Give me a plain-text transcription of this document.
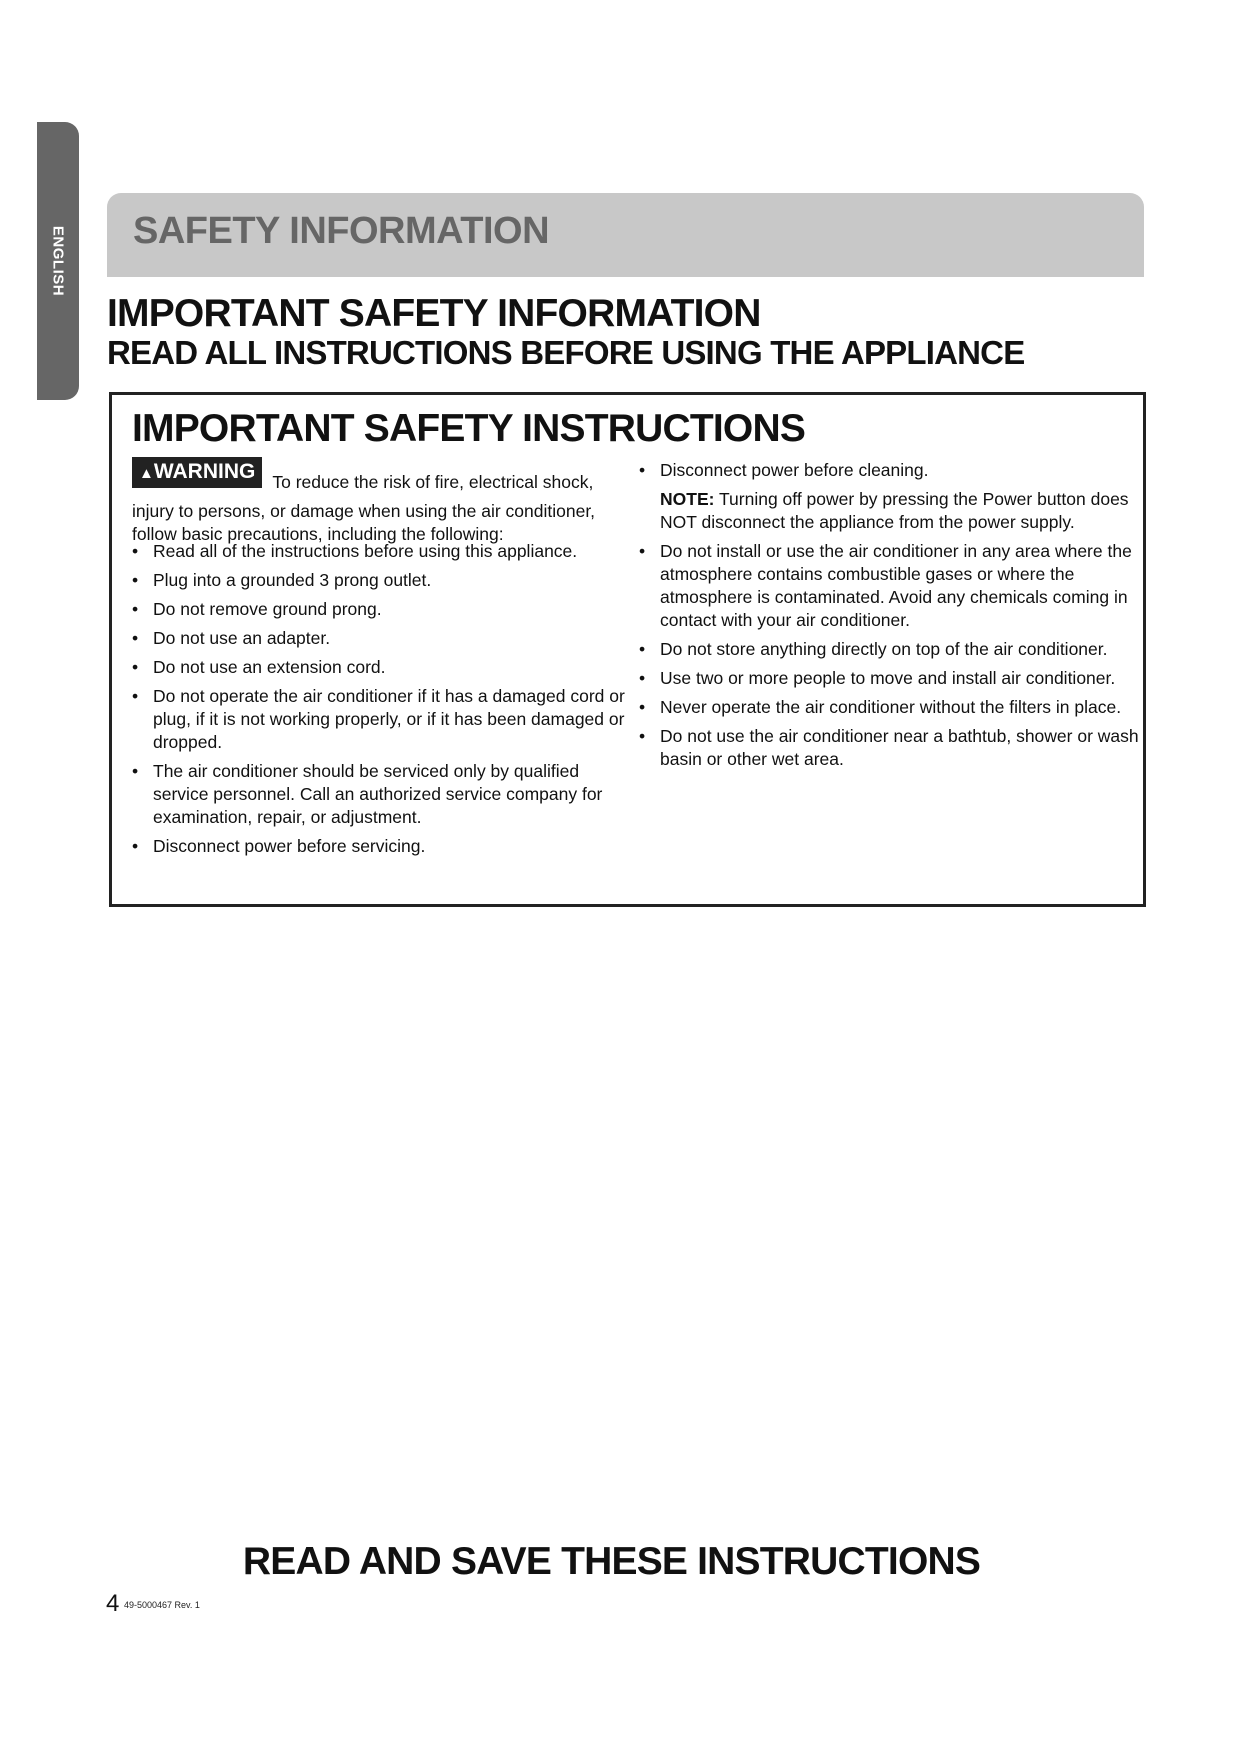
ENGLISH SAFETY INFORMATION
IMPORTANT SAFETY INFORMATION
READ ALL INSTRUCTIONS BEFORE USING THE APPLIANCE
IMPORTANT SAFETY INSTRUCTIONS

▲WARNING To reduce the risk of fire, electrical shock, injury to persons, or damage when using the air conditioner, follow basic precautions, including the following:

• Read all of the instructions before using this appliance.
• Plug into a grounded 3 prong outlet.
• Do not remove ground prong.
• Do not use an adapter.
• Do not use an extension cord.
• Do not operate the air conditioner if it has a damaged cord or plug, if it is not working properly, or if it has been damaged or dropped.
• The air conditioner should be serviced only by qualified service personnel. Call an authorized service company for examination, repair, or adjustment.
• Disconnect power before servicing.
• Disconnect power before cleaning.
NOTE: Turning off power by pressing the Power button does NOT disconnect the appliance from the power supply.
• Do not install or use the air conditioner in any area where the atmosphere contains combustible gases or where the atmosphere is contaminated. Avoid any chemicals coming in contact with your air conditioner.
• Do not store anything directly on top of the air conditioner.
• Use two or more people to move and install air conditioner.
• Never operate the air conditioner without the filters in place.
• Do not use the air conditioner near a bathtub, shower or wash basin or other wet area.
READ AND SAVE THESE INSTRUCTIONS
4 49-5000467 Rev. 1
